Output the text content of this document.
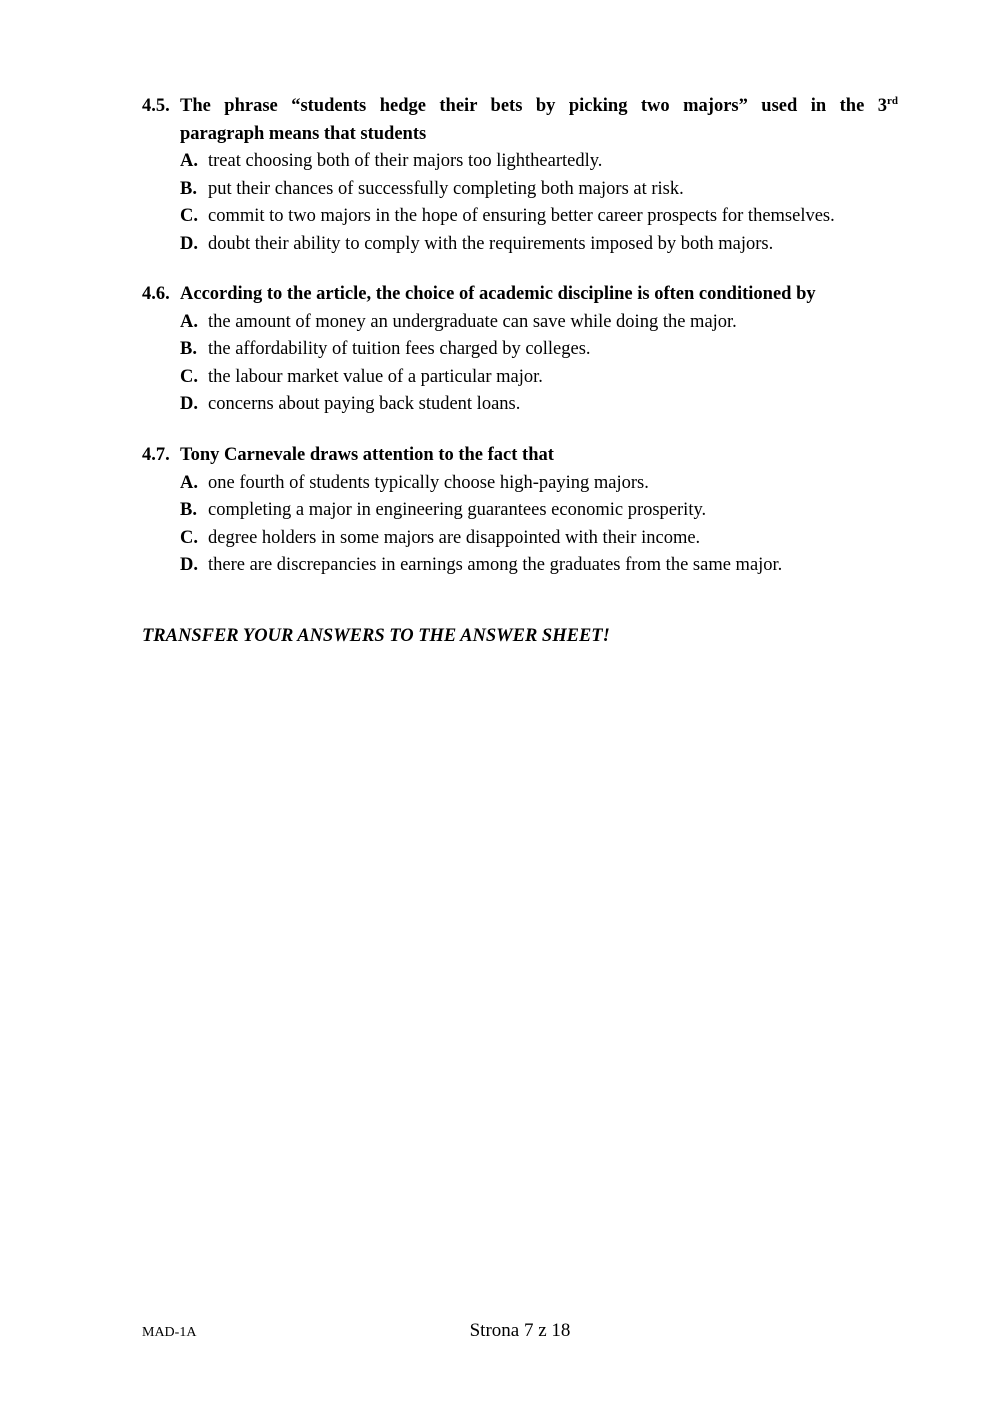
4.5. The phrase “students hedge their bets by picking two majors” used in the 3rd
paragraph means that students
A. treat choosing both of their majors too lightheartedly.
B. put their chances of successfully completing both majors at risk.
C. commit to two majors in the hope of ensuring better career prospects for themselves.
D. doubt their ability to comply with the requirements imposed by both majors.
4.6. According to the article, the choice of academic discipline is often conditioned by
A. the amount of money an undergraduate can save while doing the major.
B. the affordability of tuition fees charged by colleges.
C. the labour market value of a particular major.
D. concerns about paying back student loans.
4.7. Tony Carnevale draws attention to the fact that
A. one fourth of students typically choose high-paying majors.
B. completing a major in engineering guarantees economic prosperity.
C. degree holders in some majors are disappointed with their income.
D. there are discrepancies in earnings among the graduates from the same major.
TRANSFER YOUR ANSWERS TO THE ANSWER SHEET!
MAD-1A	Strona 7 z 18
